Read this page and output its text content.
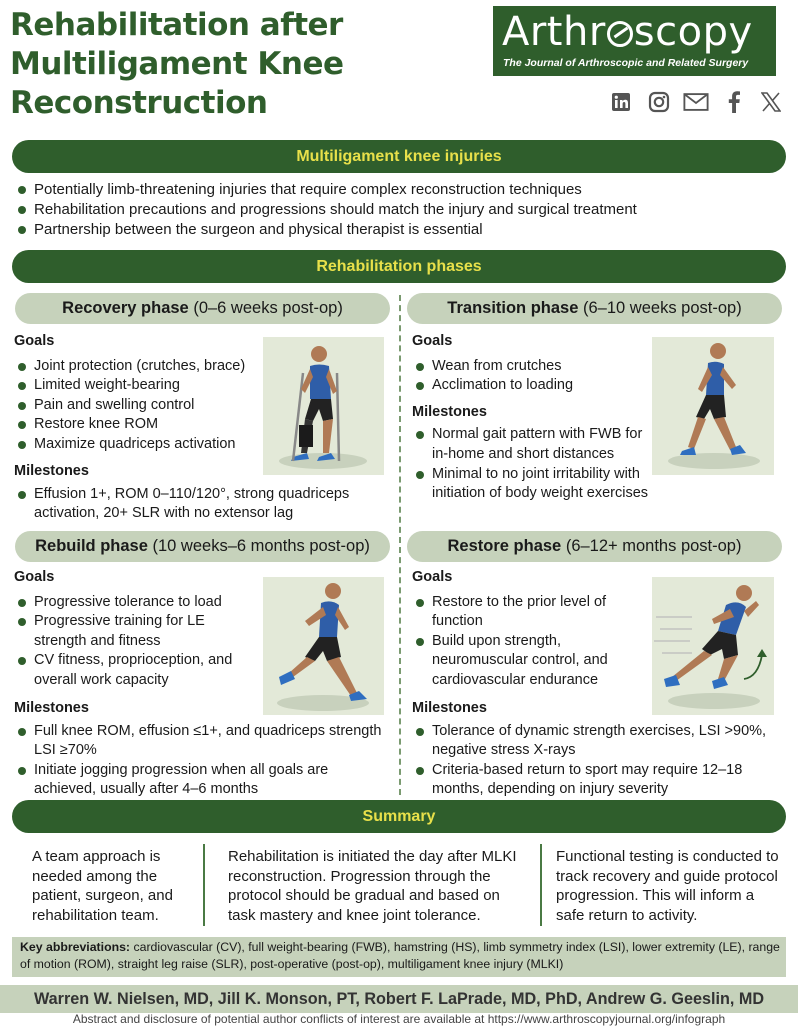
Rehabilitation after
Multiligament Knee
Reconstruction
Arthr scopy
The Journal of Arthroscopic and Related Surgery
Multiligament knee injuries
Potentially limb-threatening injuries that require complex reconstruction techniques
Rehabilitation precautions and progressions should match the injury and surgical treatment
Partnership between the surgeon and physical therapist is essential
Rehabilitation phases
Recovery phase (0–6 weeks post-op)
Goals
Joint protection (crutches, brace)
Limited weight-bearing
Pain and swelling control
Restore knee ROM
Maximize quadriceps activation
Milestones
Effusion 1+, ROM 0–110/120°, strong quadriceps activation, 20+ SLR with no extensor lag
Transition phase (6–10 weeks post-op)
Goals
Wean from crutches
Acclimation to loading
Milestones
Normal gait pattern with FWB for in-home and short distances
Minimal to no joint irritability with initiation of body weight exercises
Rebuild phase (10 weeks–6 months post-op)
Goals
Progressive tolerance to load
Progressive training for LE strength and fitness
CV fitness, proprioception, and overall work capacity
Milestones
Full knee ROM, effusion ≤1+, and quadriceps strength LSI ≥70%
Initiate jogging progression when all goals are achieved, usually after 4–6 months
Restore phase (6–12+ months post-op)
Goals
Restore to the prior level of function
Build upon strength, neuromuscular control, and cardiovascular endurance
Milestones
Tolerance of dynamic strength exercises, LSI >90%, negative stress X-rays
Criteria-based return to sport may require 12–18 months, depending on injury severity
Summary
A team approach is needed among the patient, surgeon, and rehabilitation team.
Rehabilitation is initiated the day after MLKI reconstruction. Progression through the protocol should be gradual and based on task mastery and knee joint tolerance.
Functional testing is conducted to track recovery and guide protocol progression. This will inform a safe return to activity.
Key abbreviations: cardiovascular (CV), full weight-bearing (FWB), hamstring (HS), limb symmetry index (LSI), lower extremity (LE), range of motion (ROM), straight leg raise (SLR), post-operative (post-op), multiligament knee injury (MLKI)
Warren W. Nielsen, MD, Jill K. Monson, PT, Robert F. LaPrade, MD, PhD, Andrew G. Geeslin, MD
Abstract and disclosure of potential author conflicts of interest are available at https://www.arthroscopyjournal.org/infograph
